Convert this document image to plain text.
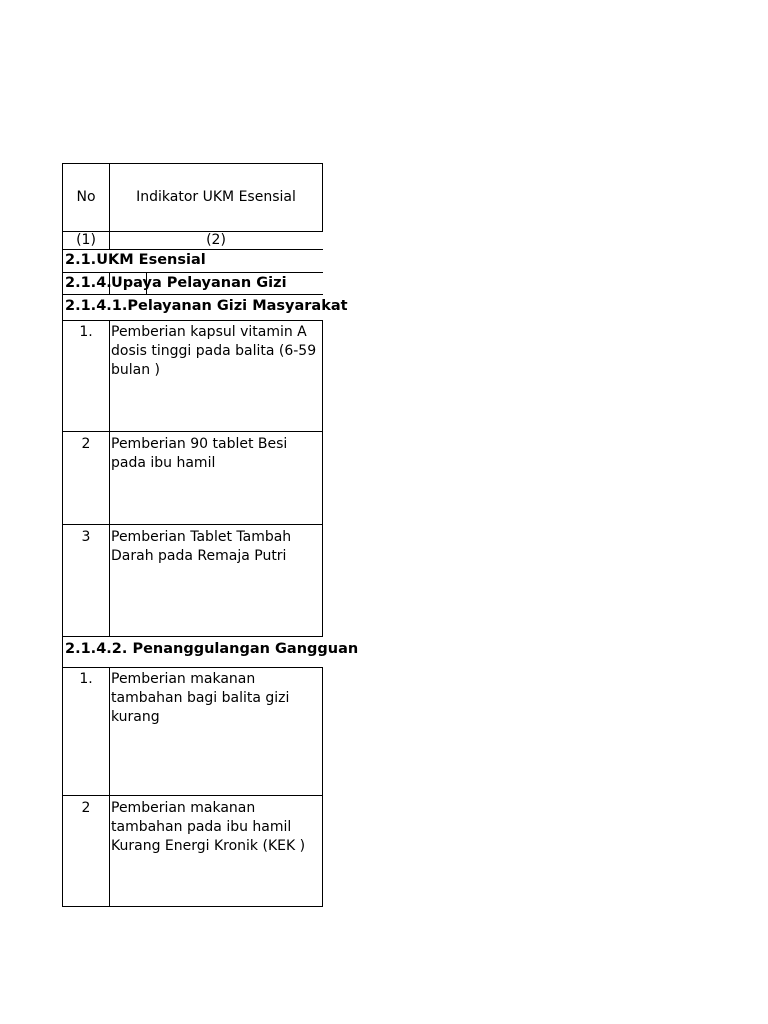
No	Indikator UKM Esensial
(1)	(2)
2.1.UKM Esensial
2.1.4. Upaya Pelayanan Gizi
2.1.4.1.Pelayanan Gizi Masyarakat
1.	Pemberian kapsul vitamin A dosis tinggi pada balita (6-59 bulan )
2	Pemberian 90 tablet Besi pada ibu hamil
3	Pemberian Tablet Tambah Darah pada Remaja Putri
2.1.4.2. Penanggulangan Gangguan
1.	Pemberian makanan tambahan bagi balita gizi kurang
2	Pemberian makanan tambahan pada ibu hamil Kurang Energi Kronik (KEK )
